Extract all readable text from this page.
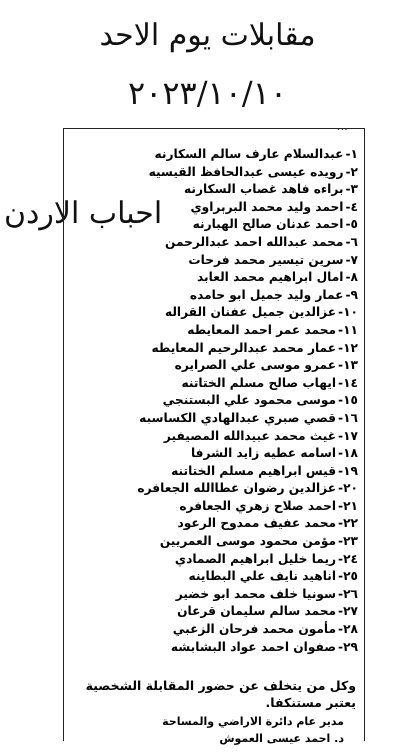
مقابلات يوم الاحد
٢٠٢٣/١٠/١٠
احباب الاردن
...
١-عبدالسلام عارف سالم السكارنه
٢-رويده عيسى عبدالحافظ القيسيه
٣-براءه فاهد غصاب السكارنه
٤-احمد وليد محمد البرېراوي
٥-احمد عدنان صالح الهبارنه
٦-محمد عبدالله احمد عبدالرحمن
٧-سرين تيسير محمد فرحات
٨-امال ابراهيم محمد العابد
٩-عمار وليد جميل ابو حامده
١٠-عزالدين جميل عفنان القراله
١١-محمد عمر احمد المعايطه
١٢-عمار محمد عبدالرحيم المعايطه
١٣-عمرو موسى علي الصرايره
١٤-ايهاب صالح مسلم الختاتنه
١٥-موسى محمود علي البستنجي
١٦-قصي صبري عبدالهادي الكساسبه
١٧-غيث محمد عبيدالله المصيفير
١٨-اسامه عطيه زايد الشرفا
١٩-قيس ابراهيم مسلم الختاتنه
٢٠-عزالدين رضوان عطاالله الجعافره
٢١-احمد صلاح زهري الجعافره
٢٢-محمد عفيف ممدوح الرعود
٢٣-مؤمن محمود موسى العمريين
٢٤-ريما خليل ابراهيم الصمادي
٢٥-اناهيد نايف علي البطاينه
٢٦-سونيا خلف محمد ابو خضير
٢٧-محمد سالم سليمان قرعان
٢٨-مأمون محمد فرحان الزعبي
٢٩-صفوان احمد عواد البشابشه
وكل من يتخلف عن حضور المقابلة الشخصية يعتبر مستنكفا.
مدير عام دائرة الاراضي والمساحة
د. احمد عيسى العموش
